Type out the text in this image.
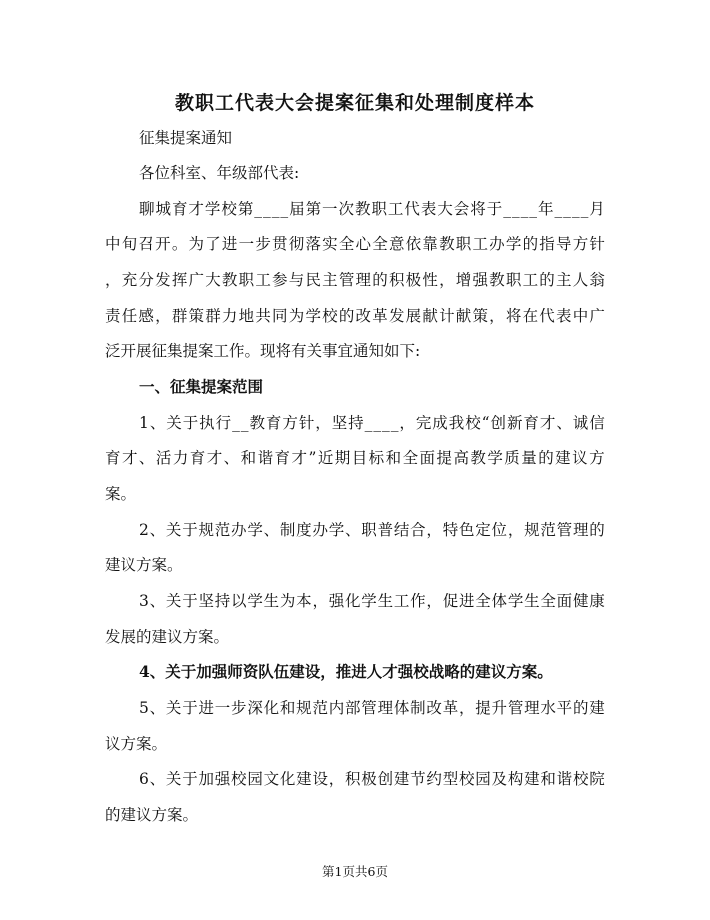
教职工代表大会提案征集和处理制度样本
征集提案通知
各位科室、年级部代表:
聊 城 育 才 学 校 第 _ _ _ _ 届 第 一 次 教 职 工 代 表 大 会 将 于 _ _ _ _ 年 _ _ _ _ 月
中 旬 召 开 。 为 了 进 一 步 贯 彻 落 实 全 心 全 意 依 靠 教 职 工 办 学 的 指 导 方 针
， 充 分 发 挥 广 大 教 职 工 参 与 民 主 管 理 的 积 极 性 ， 增 强 教 职 工 的 主 人 翁
责 任 感 ， 群 策 群 力 地 共 同 为 学 校 的 改 革 发 展 献 计 献 策 ， 将 在 代 表 中 广
泛开展征集提案工作。现将有关事宜通知如下:
一、征集提案范围
1 、 关 于 执 行 _ _ 教 育 方 针 ， 坚 持 _ _ _ _ ， 完 成 我 校 “ 创 新 育 才 、 诚 信
育 才 、 活 力 育 才 、 和 谐 育 才 ” 近 期 目 标 和 全 面 提 高 教 学 质 量 的 建 议 方
案。
2 、 关 于 规 范 办 学 、 制 度 办 学 、 职 普 结 合 ， 特 色 定 位 ， 规 范 管 理 的
建议方案。
3 、 关 于 坚 持 以 学 生 为 本 ， 强 化 学 生 工 作 ， 促 进 全 体 学 生 全 面 健 康
发展的建议方案。
4、关于加强师资队伍建设，推进人才强校战略的建议方案。
5 、 关 于 进 一 步 深 化 和 规 范 内 部 管 理 体 制 改 革 ， 提 升 管 理 水 平 的 建
议方案。
6 、 关 于 加 强 校 园 文 化 建 设 ， 积 极 创 建 节 约 型 校 园 及 构 建 和 谐 校 院
的建议方案。
第1页共6页
